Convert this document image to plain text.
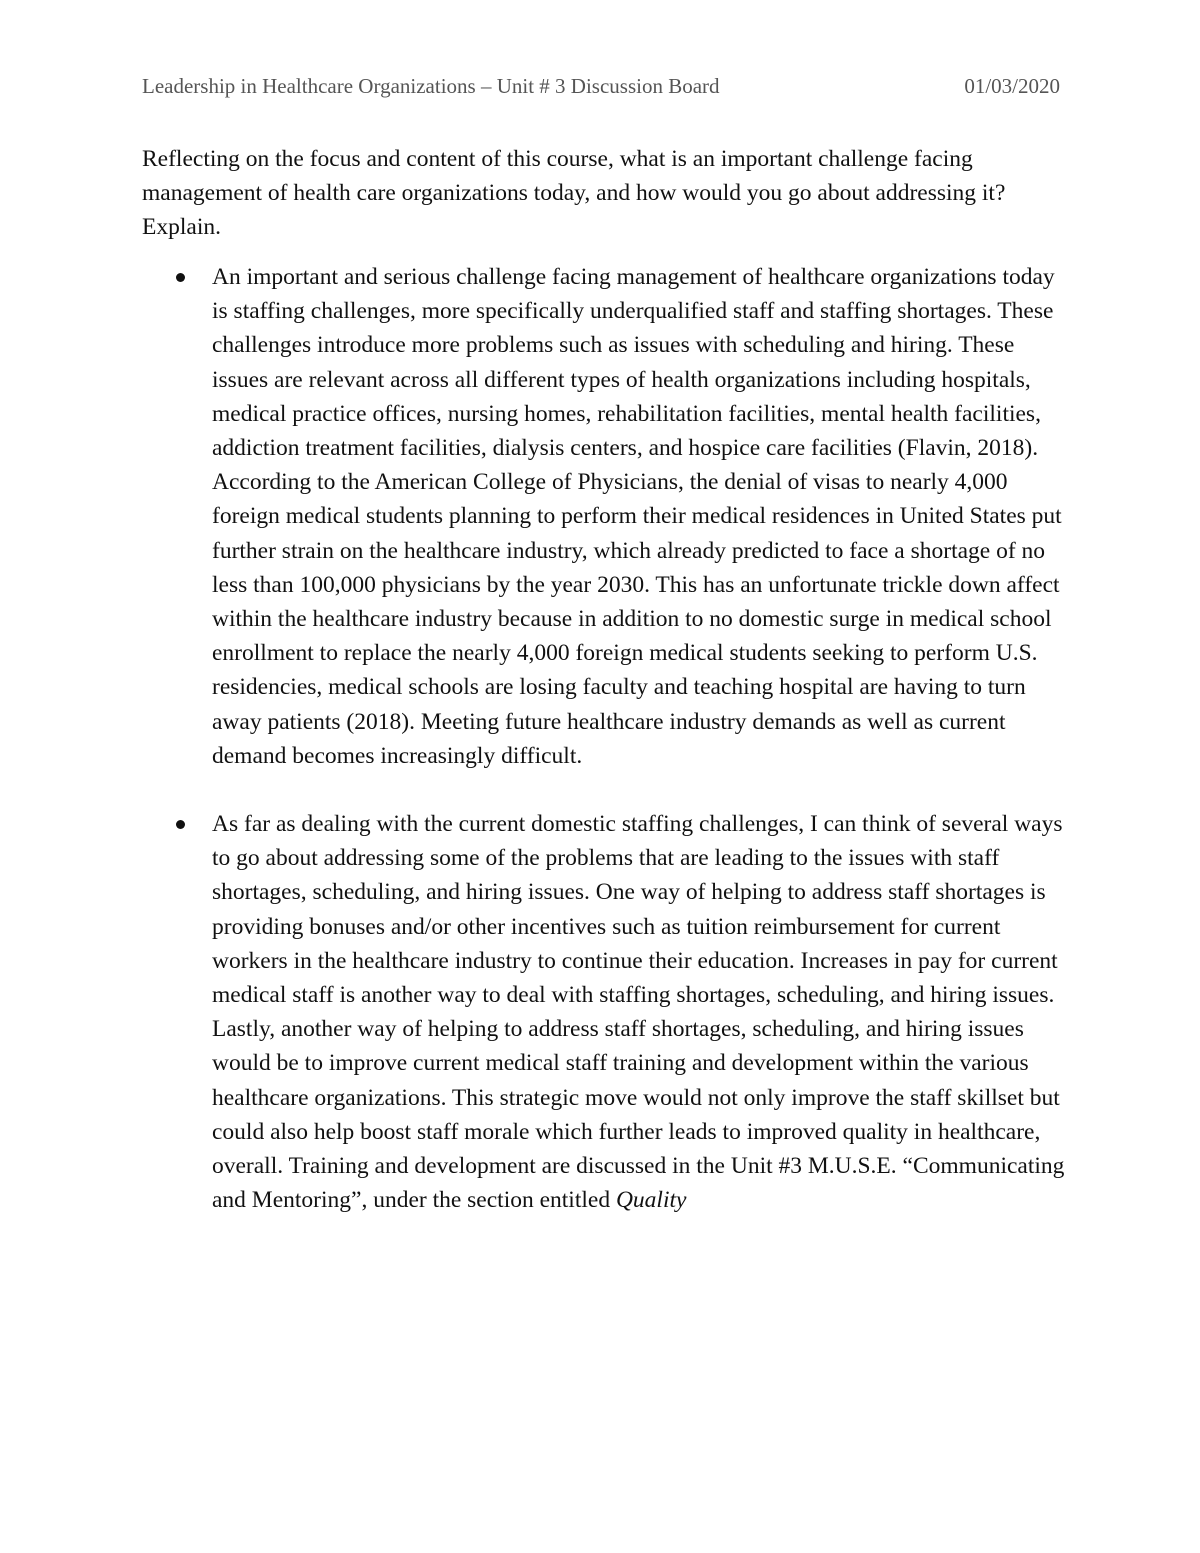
Leadership in Healthcare Organizations – Unit # 3 Discussion Board	01/03/2020

Reflecting on the focus and content of this course, what is an important challenge facing management of health care organizations today, and how would you go about addressing it? Explain.

An important and serious challenge facing management of healthcare organizations today is staffing challenges, more specifically underqualified staff and staffing shortages. These challenges introduce more problems such as issues with scheduling and hiring. These issues are relevant across all different types of health organizations including hospitals, medical practice offices, nursing homes, rehabilitation facilities, mental health facilities, addiction treatment facilities, dialysis centers, and hospice care facilities (Flavin, 2018). According to the American College of Physicians, the denial of visas to nearly 4,000 foreign medical students planning to perform their medical residences in United States put further strain on the healthcare industry, which already predicted to face a shortage of no less than 100,000 physicians by the year 2030. This has an unfortunate trickle down affect within the healthcare industry because in addition to no domestic surge in medical school enrollment to replace the nearly 4,000 foreign medical students seeking to perform U.S. residencies, medical schools are losing faculty and teaching hospital are having to turn away patients (2018). Meeting future healthcare industry demands as well as current demand becomes increasingly difficult.
As far as dealing with the current domestic staffing challenges, I can think of several ways to go about addressing some of the problems that are leading to the issues with staff shortages, scheduling, and hiring issues. One way of helping to address staff shortages is providing bonuses and/or other incentives such as tuition reimbursement for current workers in the healthcare industry to continue their education. Increases in pay for current medical staff is another way to deal with staffing shortages, scheduling, and hiring issues. Lastly, another way of helping to address staff shortages, scheduling, and hiring issues would be to improve current medical staff training and development within the various healthcare organizations. This strategic move would not only improve the staff skillset but could also help boost staff morale which further leads to improved quality in healthcare, overall. Training and development are discussed in the Unit #3 M.U.S.E. “Communicating and Mentoring”, under the section entitled Quality
